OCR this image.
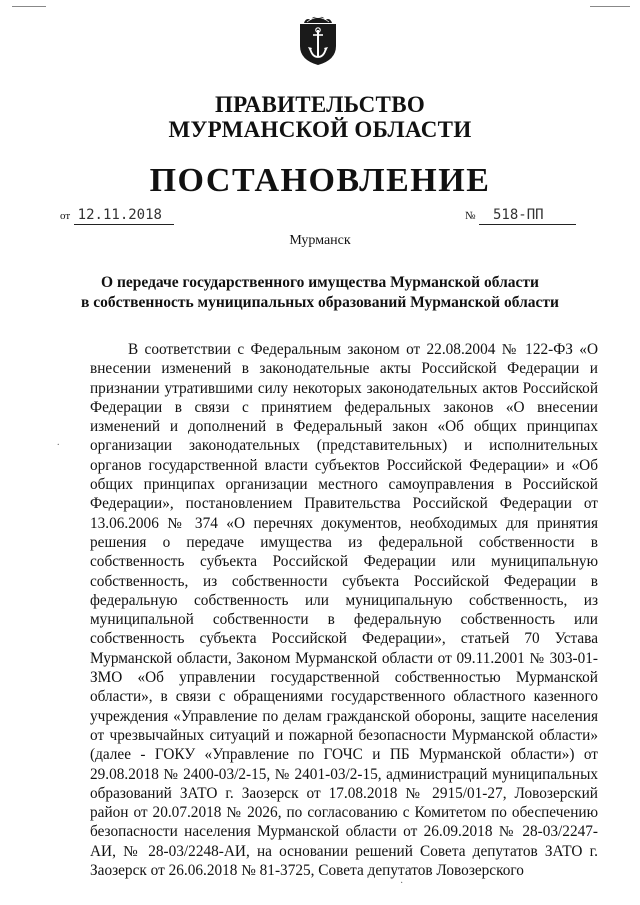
ПРАВИТЕЛЬСТВО
МУРМАНСКОЙ ОБЛАСТИ
ПОСТАНОВЛЕНИЕ
от 12.11.2018	№ 518-ПП
Мурманск
О передаче государственного имущества Мурманской области
в собственность муниципальных образований Мурманской области

В соответствии с Федеральным законом от 22.08.2004 № 122-ФЗ «О внесении изменений в законодательные акты Российской Федерации и признании утратившими силу некоторых законодательных актов Российской Федерации в связи с принятием федеральных законов «О внесении изменений и дополнений в Федеральный закон «Об общих принципах организации законодательных (представительных) и исполнительных органов государственной власти субъектов Российской Федерации» и «Об общих принципах организации местного самоуправления в Российской Федерации», постановлением Правительства Российской Федерации от 13.06.2006 № 374 «О перечнях документов, необходимых для принятия решения о передаче имущества из федеральной собственности в собственность субъекта Российской Федерации или муниципальную собственность, из собственности субъекта Российской Федерации в федеральную собственность или муниципальную собственность, из муниципальной собственности в федеральную собственность или собственность субъекта Российской Федерации», статьей 70 Устава Мурманской области, Законом Мурманской области от 09.11.2001 № 303-01-ЗМО «Об управлении государственной собственностью Мурманской области», в связи с обращениями государственного областного казенного учреждения «Управление по делам гражданской обороны, защите населения от чрезвычайных ситуаций и пожарной безопасности Мурманской области» (далее - ГОКУ «Управление по ГОЧС и ПБ Мурманской области») от 29.08.2018 № 2400-03/2-15, № 2401-03/2-15, администраций муниципальных образований ЗАТО г. Заозерск от 17.08.2018 № 2915/01-27, Ловозерский район от 20.07.2018 № 2026, по согласованию с Комитетом по обеспечению безопасности населения Мурманской области от 26.09.2018 № 28-03/2247-АИ, № 28-03/2248-АИ, на основании решений Совета депутатов ЗАТО г. Заозерск от 26.06.2018 № 81-3725, Совета депутатов Ловозерского

.
·
